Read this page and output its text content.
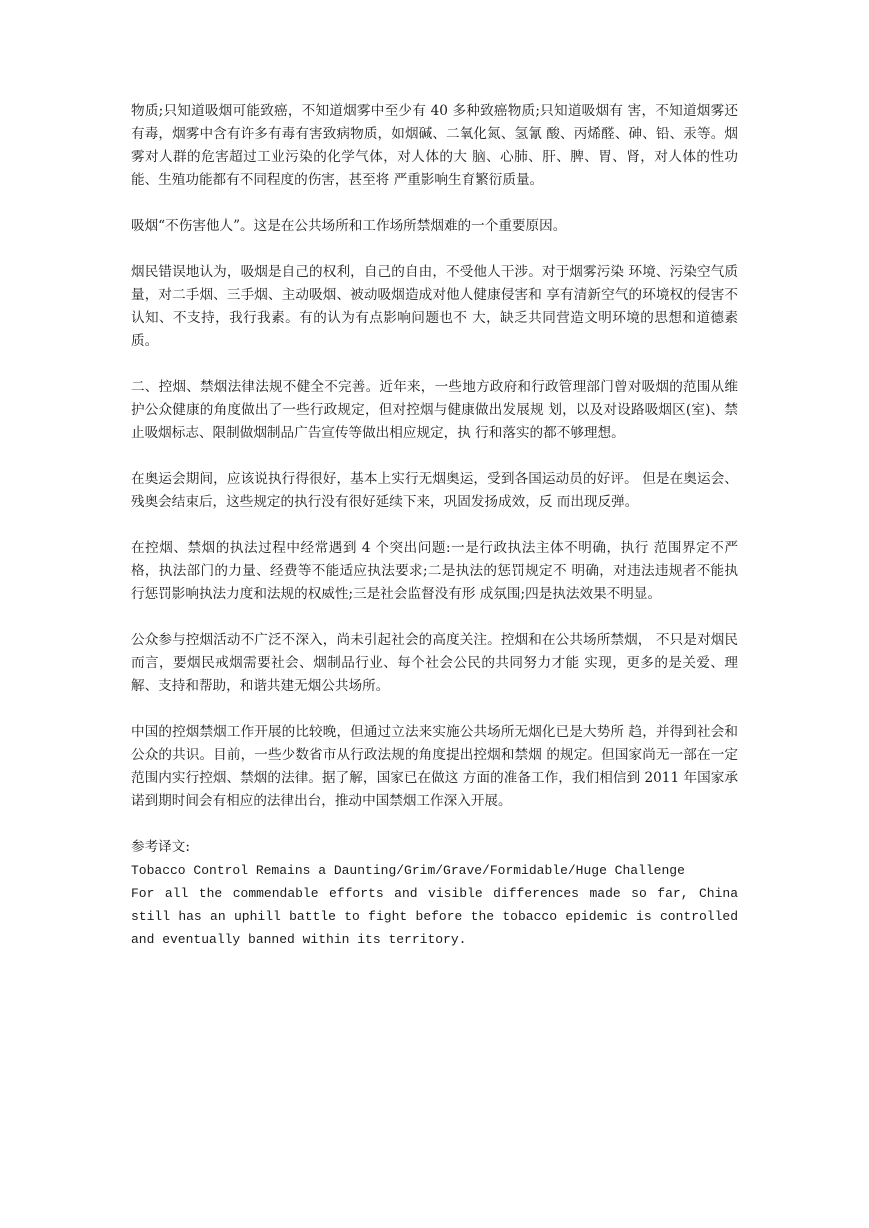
物质;只知道吸烟可能致癌，不知道烟雾中至少有 40 多种致癌物质;只知道吸烟有 害，不知道烟雾还有毒，烟雾中含有许多有毒有害致病物质，如烟碱、二氧化氮、氢氰 酸、丙烯醛、砷、铅、汞等。烟雾对人群的危害超过工业污染的化学气体，对人体的大 脑、心肺、肝、脾、胃、肾，对人体的性功能、生殖功能都有不同程度的伤害，甚至将 严重影响生育繁衍质量。

吸烟“不伤害他人”。这是在公共场所和工作场所禁烟难的一个重要原因。

烟民错误地认为，吸烟是自己的权利，自己的自由，不受他人干涉。对于烟雾污染 环境、污染空气质量，对二手烟、三手烟、主动吸烟、被动吸烟造成对他人健康侵害和 享有清新空气的环境权的侵害不认知、不支持，我行我素。有的认为有点影响问题也不 大，缺乏共同营造文明环境的思想和道德素质。

二、控烟、禁烟法律法规不健全不完善。近年来，一些地方政府和行政管理部门曾对吸烟的范围从维护公众健康的角度做出了一些行政规定，但对控烟与健康做出发展规 划，以及对设路吸烟区(室)、禁止吸烟标志、限制做烟制品广告宣传等做出相应规定，执 行和落实的都不够理想。

在奥运会期间，应该说执行得很好，基本上实行无烟奥运，受到各国运动员的好评。 但是在奥运会、残奥会结束后，这些规定的执行没有很好延续下来，巩固发扬成效，反 而出现反弹。

在控烟、禁烟的执法过程中经常遇到 4 个突出问题:一是行政执法主体不明确，执行 范围界定不严格，执法部门的力量、经费等不能适应执法要求;二是执法的惩罚规定不 明确，对违法违规者不能执行惩罚影响执法力度和法规的权威性;三是社会监督没有形 成氛围;四是执法效果不明显。

公众参与控烟活动不广泛不深入，尚未引起社会的高度关注。控烟和在公共场所禁烟， 不只是对烟民而言，要烟民戒烟需要社会、烟制品行业、每个社会公民的共同努力才能 实现，更多的是关爱、理解、支持和帮助，和谐共建无烟公共场所。

中国的控烟禁烟工作开展的比较晚，但通过立法来实施公共场所无烟化已是大势所 趋，并得到社会和公众的共识。目前，一些少数省市从行政法规的角度提出控烟和禁烟 的规定。但国家尚无一部在一定范围内实行控烟、禁烟的法律。据了解，国家已在做这 方面的准备工作，我们相信到 2011 年国家承诺到期时间会有相应的法律出台，推动中国禁烟工作深入开展。

参考译文:

Tobacco Control Remains a Daunting/Grim/Grave/Formidable/Huge Challenge

For all the commendable efforts and visible differences made so far, China still has an uphill battle to fight before the tobacco epidemic is controlled and eventually banned within its territory.
